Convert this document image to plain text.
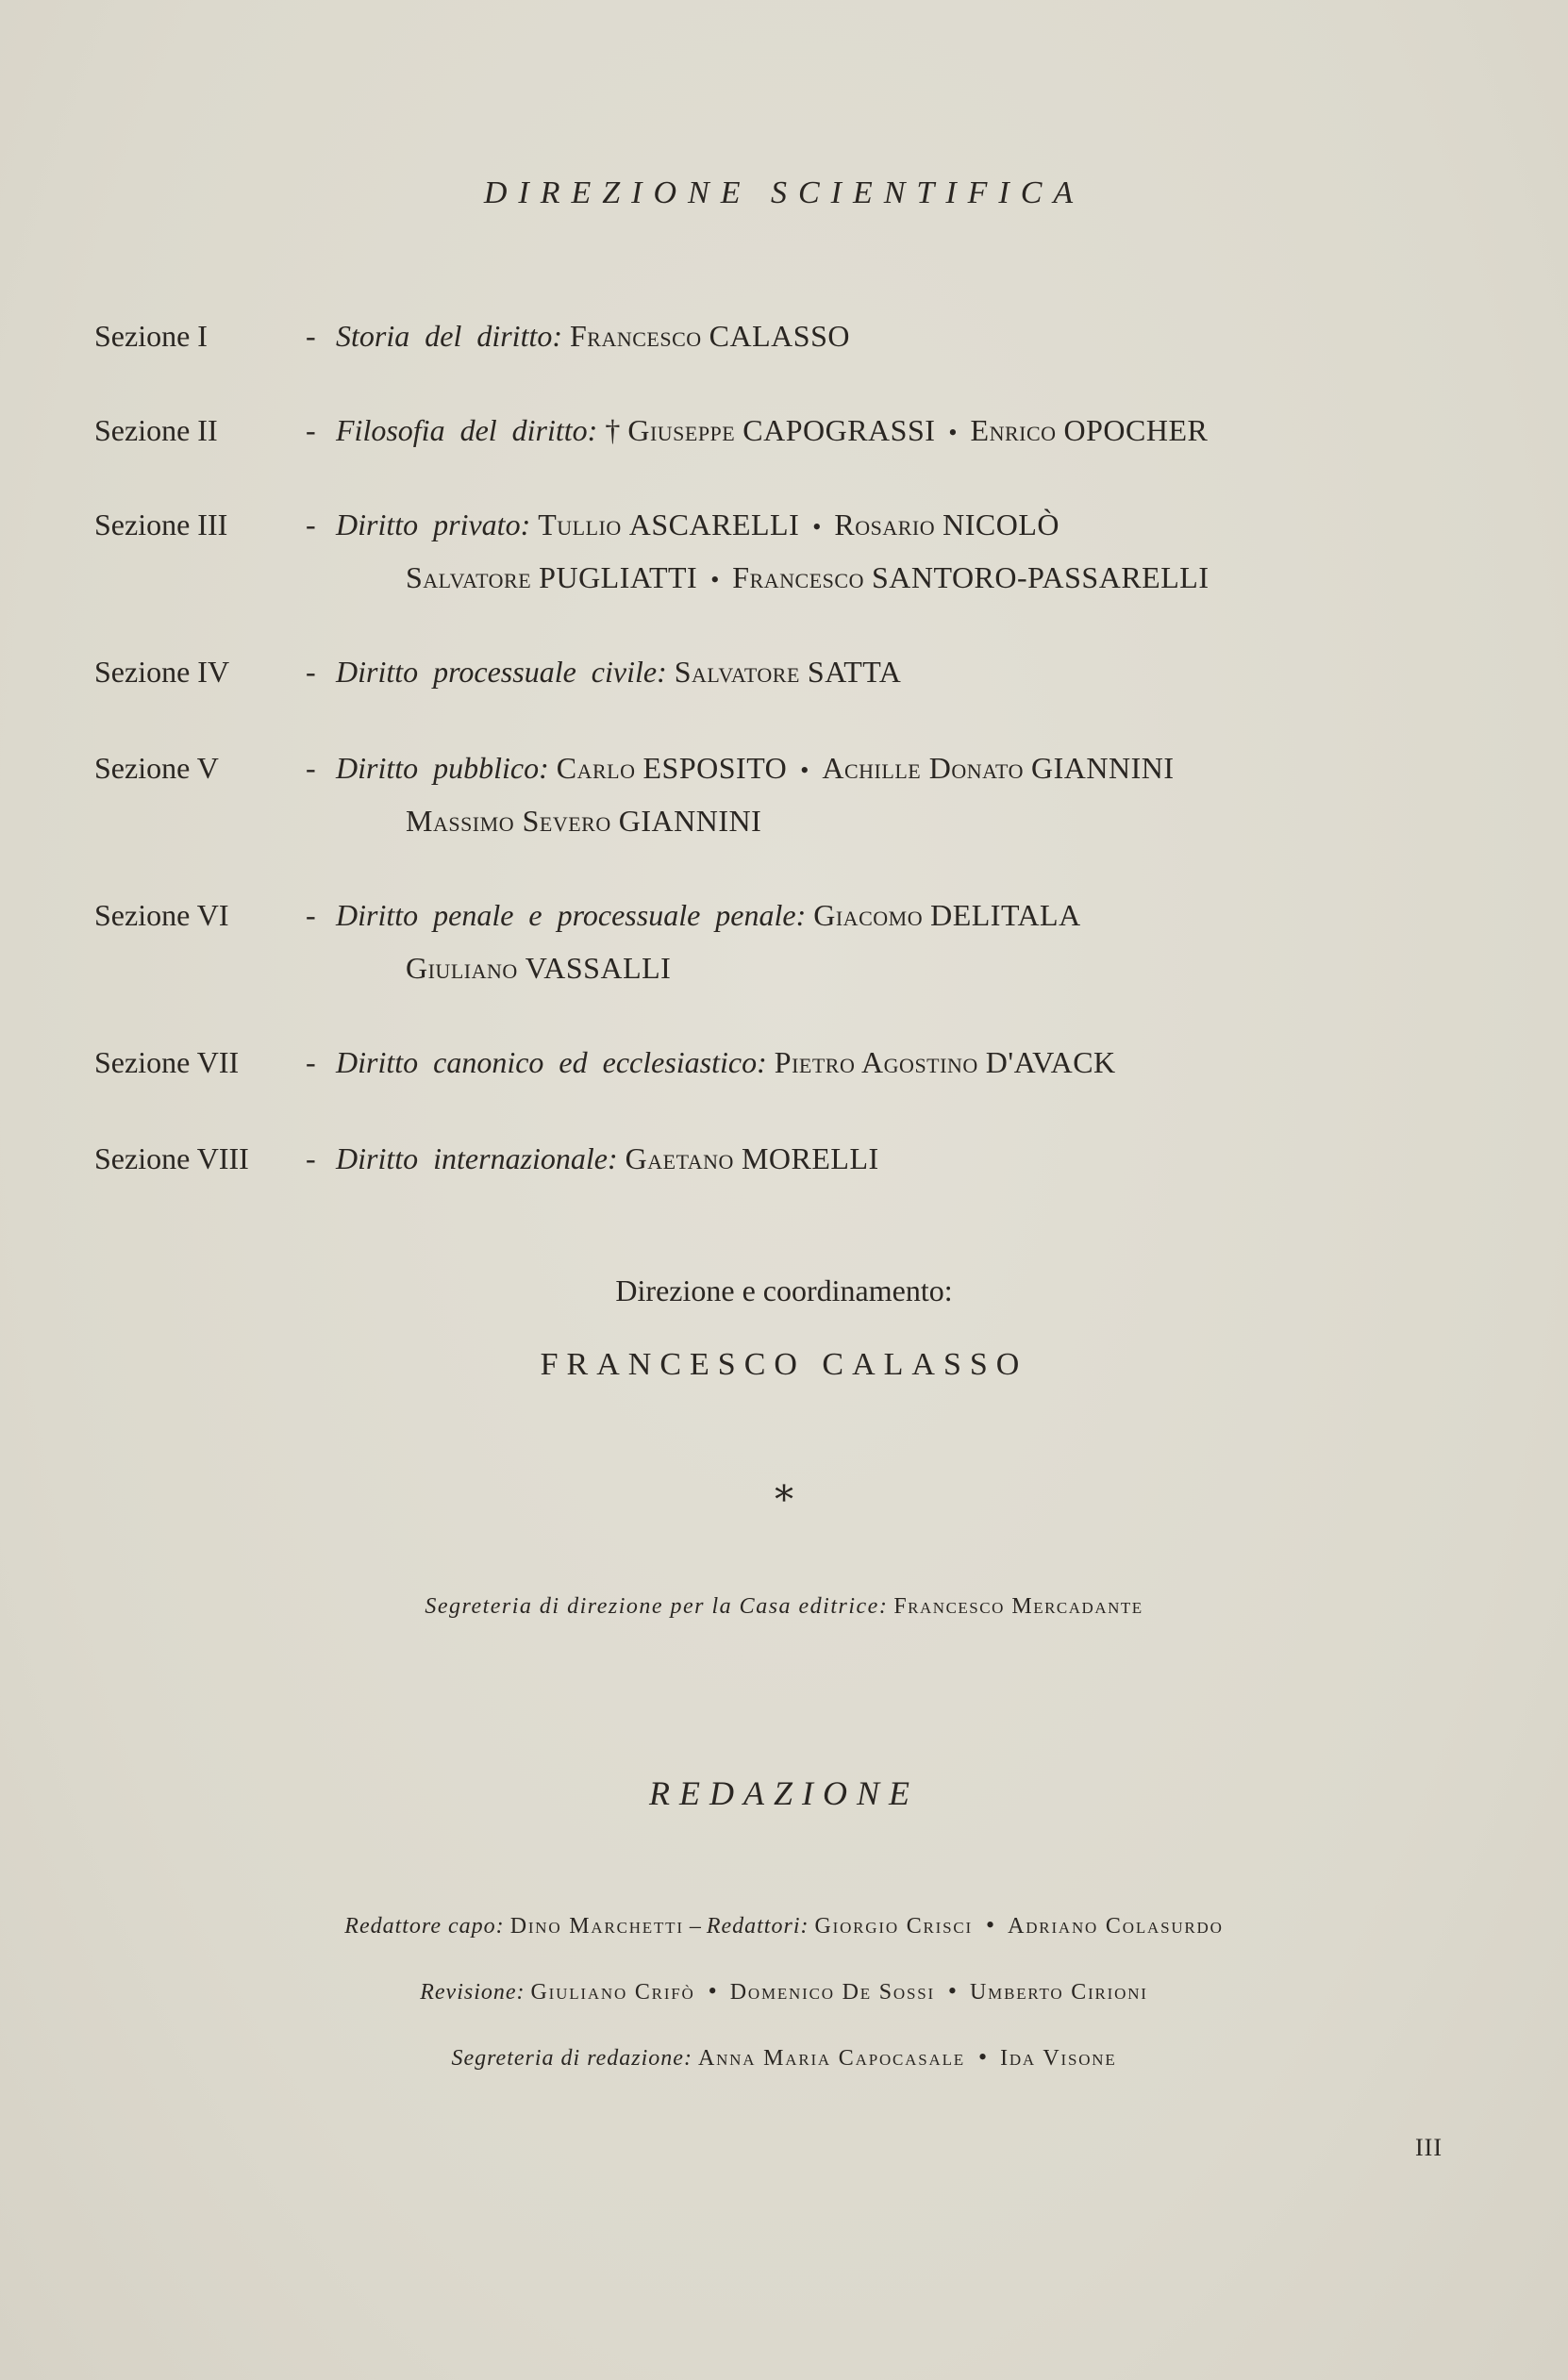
DIREZIONE SCIENTIFICA
Sezione I	- Storia del diritto: Francesco CALASSO
Sezione II	- Filosofia del diritto: † Giuseppe CAPOGRASSI • Enrico OPOCHER
Sezione III	- Diritto privato: Tullio ASCARELLI • Rosario NICOLÒ
Salvatore PUGLIATTI • Francesco SANTORO-PASSARELLI
Sezione IV	- Diritto processuale civile: Salvatore SATTA
Sezione V	- Diritto pubblico: Carlo ESPOSITO • Achille Donato GIANNINI
Massimo Severo GIANNINI
Sezione VI	- Diritto penale e processuale penale: Giacomo DELITALA
Giuliano VASSALLI
Sezione VII - Diritto canonico ed ecclesiastico: Pietro Agostino D'AVACK
Sezione VIII - Diritto internazionale: Gaetano MORELLI
Direzione e coordinamento:
FRANCESCO CALASSO
∗
Segreteria di direzione per la Casa editrice: Francesco Mercadante
REDAZIONE
Redattore capo: Dino Marchetti – Redattori: Giorgio Crisci • Adriano Colasurdo
Revisione: Giuliano Crifò • Domenico De Sossi • Umberto Cirioni
Segreteria di redazione: Anna Maria Capocasale • Ida Visone
III
